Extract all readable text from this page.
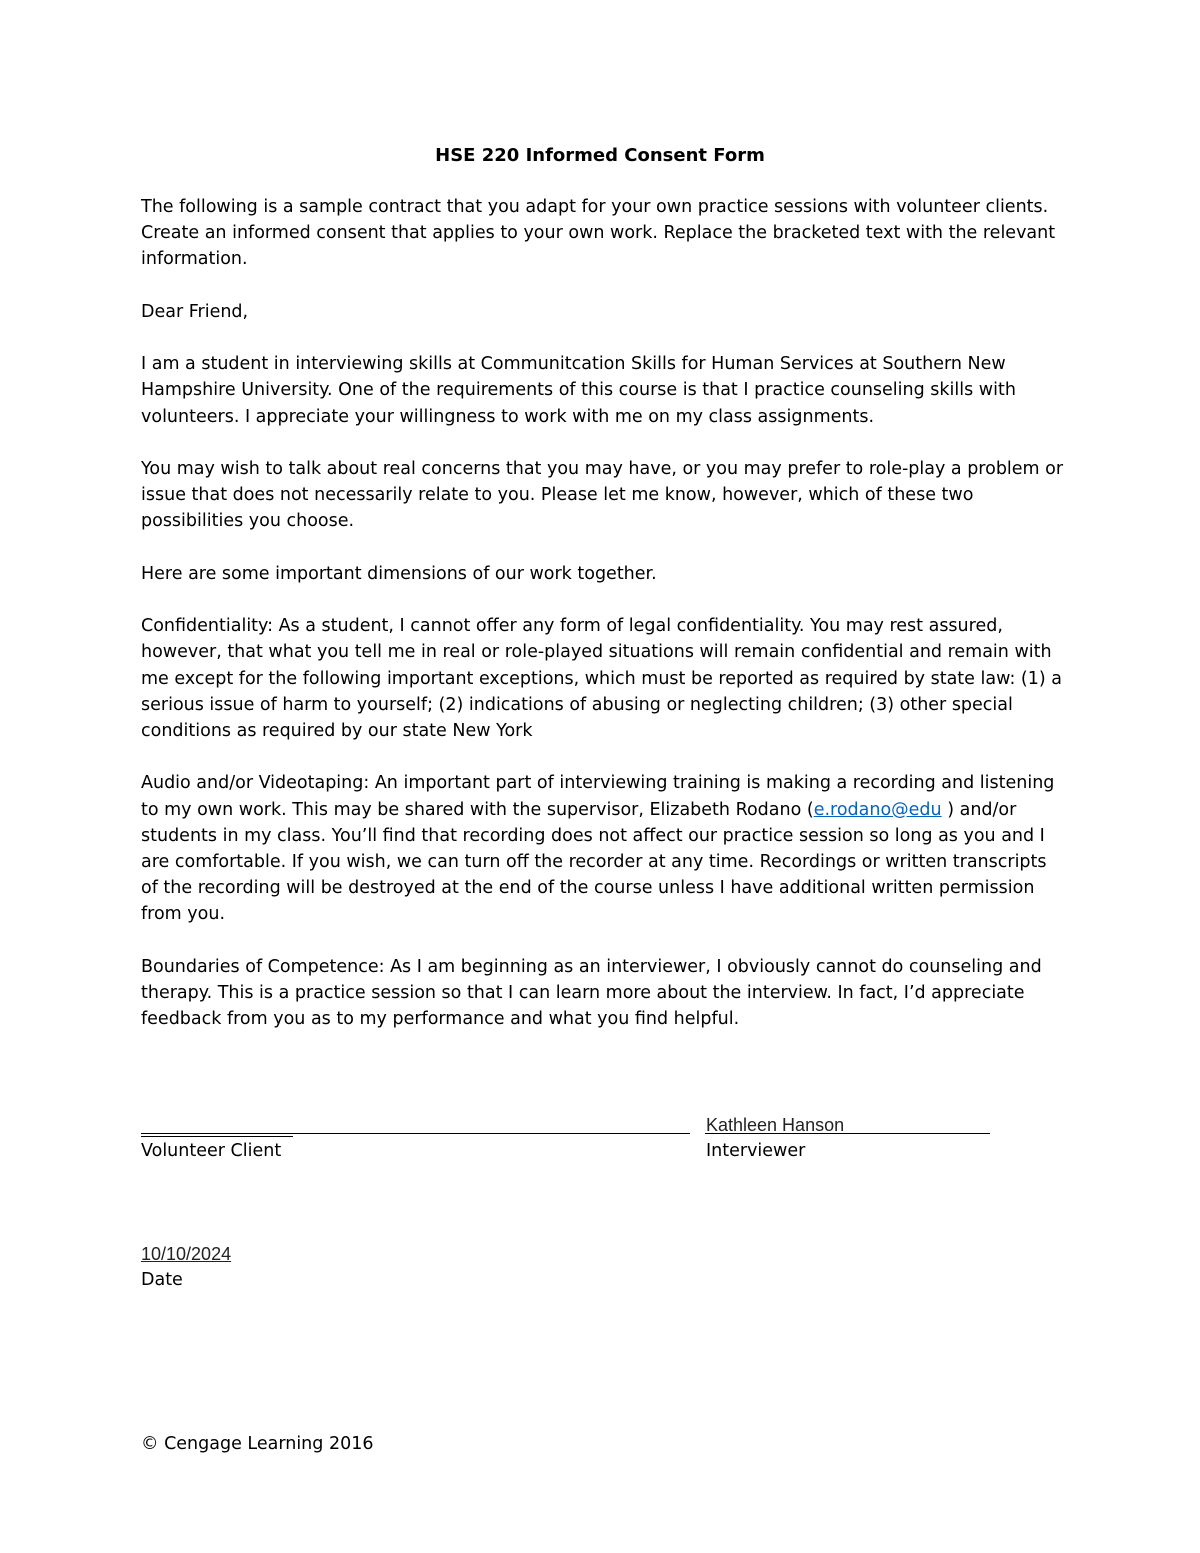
HSE 220 Informed Consent Form

The following is a sample contract that you adapt for your own practice sessions with volunteer clients. Create an informed consent that applies to your own work. Replace the bracketed text with the relevant information.

Dear Friend,

I am a student in interviewing skills at Communitcation Skills for Human Services at Southern New Hampshire University. One of the requirements of this course is that I practice counseling skills with volunteers. I appreciate your willingness to work with me on my class assignments.

You may wish to talk about real concerns that you may have, or you may prefer to role-play a problem or issue that does not necessarily relate to you. Please let me know, however, which of these two possibilities you choose.

Here are some important dimensions of our work together.

Confidentiality: As a student, I cannot offer any form of legal confidentiality. You may rest assured, however, that what you tell me in real or role-played situations will remain confidential and remain with me except for the following important exceptions, which must be reported as required by state law: (1) a serious issue of harm to yourself; (2) indications of abusing or neglecting children; (3) other special conditions as required by our state New York

Audio and/or Videotaping: An important part of interviewing training is making a recording and listening to my own work. This may be shared with the supervisor, Elizabeth Rodano (e.rodano@edu ) and/or students in my class. You’ll find that recording does not affect our practice session so long as you and I are comfortable. If you wish, we can turn off the recorder at any time. Recordings or written transcripts of the recording will be destroyed at the end of the course unless I have additional written permission from you.

Boundaries of Competence: As I am beginning as an interviewer, I obviously cannot do counseling and therapy. This is a practice session so that I can learn more about the interview. In fact, I’d appreciate feedback from you as to my performance and what you find helpful.

Kathleen Hanson
Volunteer Client	Interviewer
10/10/2024
Date
© Cengage Learning 2016
